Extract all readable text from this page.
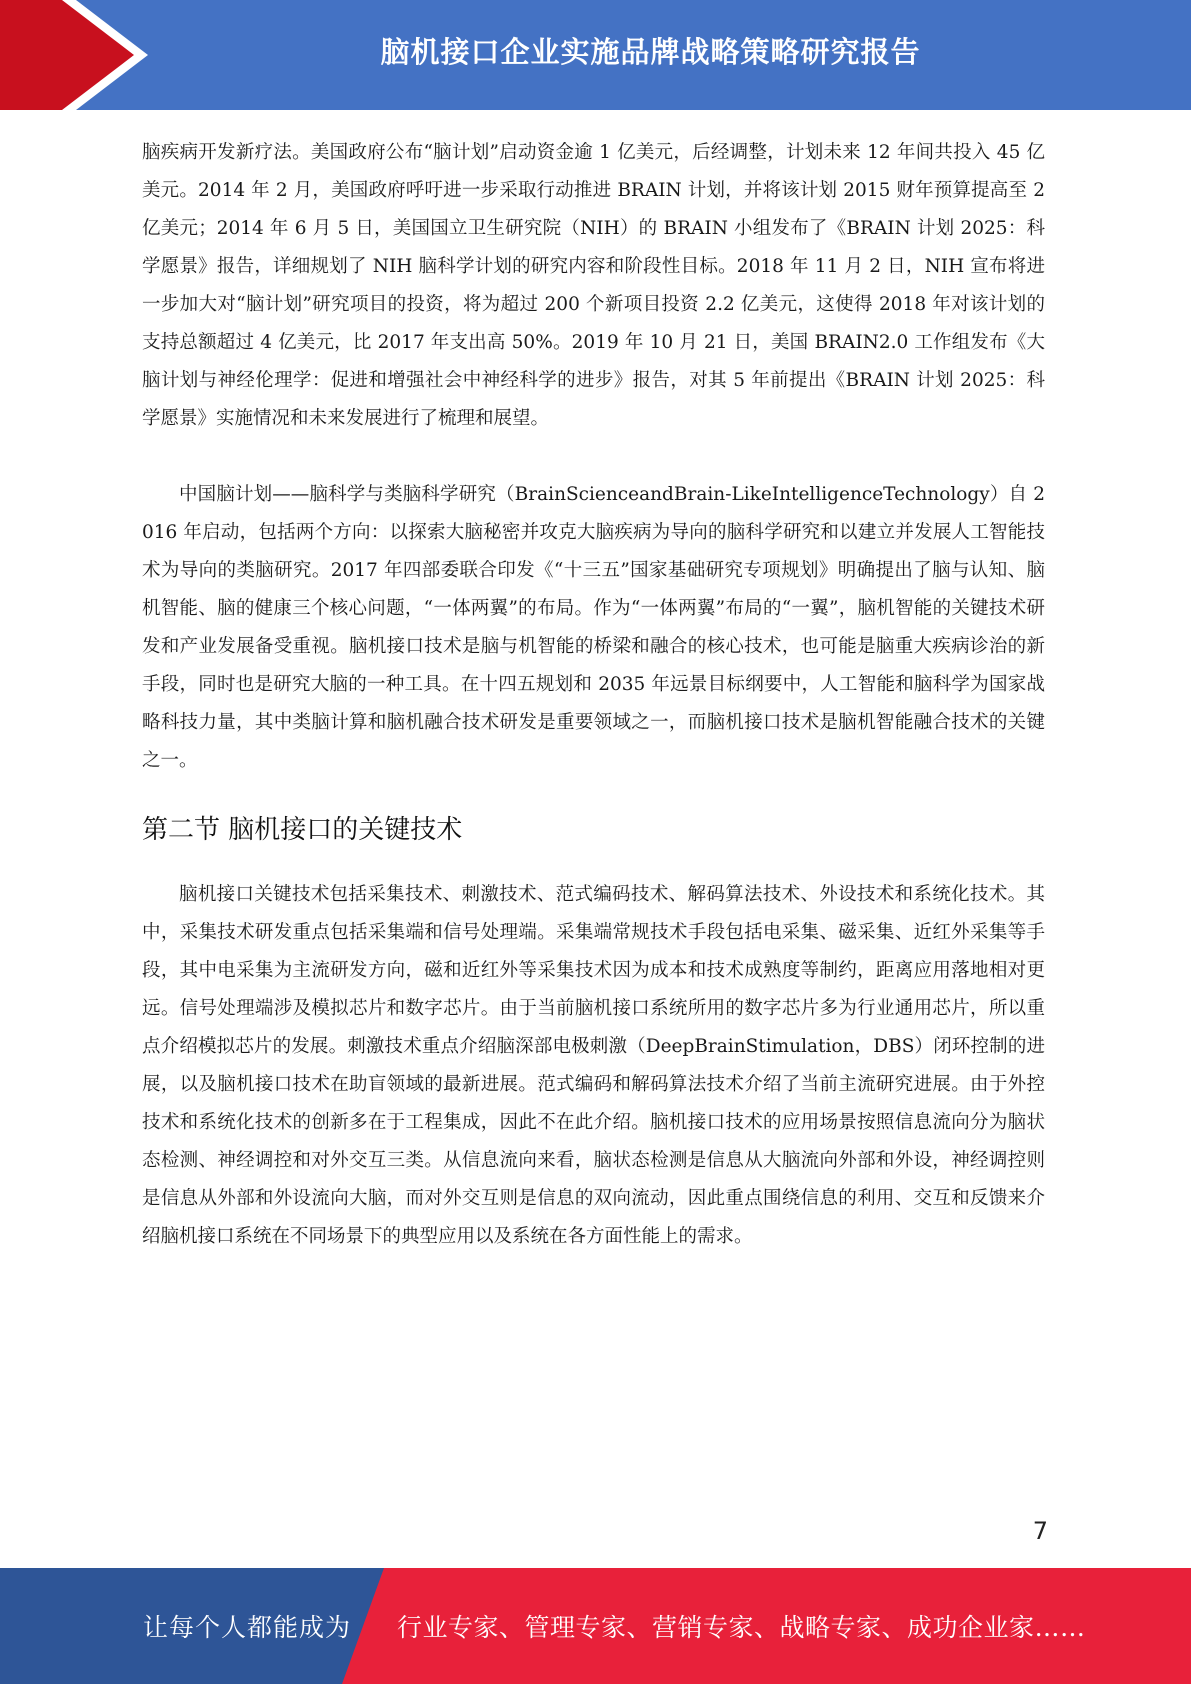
脑机接口企业实施品牌战略策略研究报告

脑疾病开发新疗法。美国政府公布“脑计划”启动资金逾 1 亿美元，后经调整，计划未来 12 年间共投入 45 亿美元。2014 年 2 月，美国政府呼吁进一步采取行动推进 BRAIN 计划，并将该计划 2015 财年预算提高至 2 亿美元；2014 年 6 月 5 日，美国国立卫生研究院（NIH）的 BRAIN 小组发布了《BRAIN 计划 2025：科学愿景》报告，详细规划了 NIH 脑科学计划的研究内容和阶段性目标。2018 年 11 月 2 日，NIH 宣布将进一步加大对“脑计划”研究项目的投资，将为超过 200 个新项目投资 2.2 亿美元，这使得 2018 年对该计划的支持总额超过 4 亿美元，比 2017 年支出高 50%。2019 年 10 月 21 日，美国 BRAIN2.0 工作组发布《大脑计划与神经伦理学：促进和增强社会中神经科学的进步》报告，对其 5 年前提出《BRAIN 计划 2025：科学愿景》实施情况和未来发展进行了梳理和展望。

中国脑计划——脑科学与类脑科学研究（BrainScienceandBrain-LikeIntelligenceTechnology）自 2016 年启动，包括两个方向：以探索大脑秘密并攻克大脑疾病为导向的脑科学研究和以建立并发展人工智能技术为导向的类脑研究。2017 年四部委联合印发《“十三五”国家基础研究专项规划》明确提出了脑与认知、脑机智能、脑的健康三个核心问题，“一体两翼”的布局。作为“一体两翼”布局的“一翼”，脑机智能的关键技术研发和产业发展备受重视。脑机接口技术是脑与机智能的桥梁和融合的核心技术，也可能是脑重大疾病诊治的新手段，同时也是研究大脑的一种工具。在十四五规划和 2035 年远景目标纲要中，人工智能和脑科学为国家战略科技力量，其中类脑计算和脑机融合技术研发是重要领域之一，而脑机接口技术是脑机智能融合技术的关键之一。

第二节 脑机接口的关键技术

脑机接口关键技术包括采集技术、刺激技术、范式编码技术、解码算法技术、外设技术和系统化技术。其中，采集技术研发重点包括采集端和信号处理端。采集端常规技术手段包括电采集、磁采集、近红外采集等手段，其中电采集为主流研发方向，磁和近红外等采集技术因为成本和技术成熟度等制约，距离应用落地相对更远。信号处理端涉及模拟芯片和数字芯片。由于当前脑机接口系统所用的数字芯片多为行业通用芯片，所以重点介绍模拟芯片的发展。刺激技术重点介绍脑深部电极刺激（DeepBrainStimulation，DBS）闭环控制的进展，以及脑机接口技术在助盲领域的最新进展。范式编码和解码算法技术介绍了当前主流研究进展。由于外控技术和系统化技术的创新多在于工程集成，因此不在此介绍。脑机接口技术的应用场景按照信息流向分为脑状态检测、神经调控和对外交互三类。从信息流向来看，脑状态检测是信息从大脑流向外部和外设，神经调控则是信息从外部和外设流向大脑，而对外交互则是信息的双向流动，因此重点围绕信息的利用、交互和反馈来介绍脑机接口系统在不同场景下的典型应用以及系统在各方面性能上的需求。

7
让每个人都能成为 行业专家、管理专家、营销专家、战略专家、成功企业家……
